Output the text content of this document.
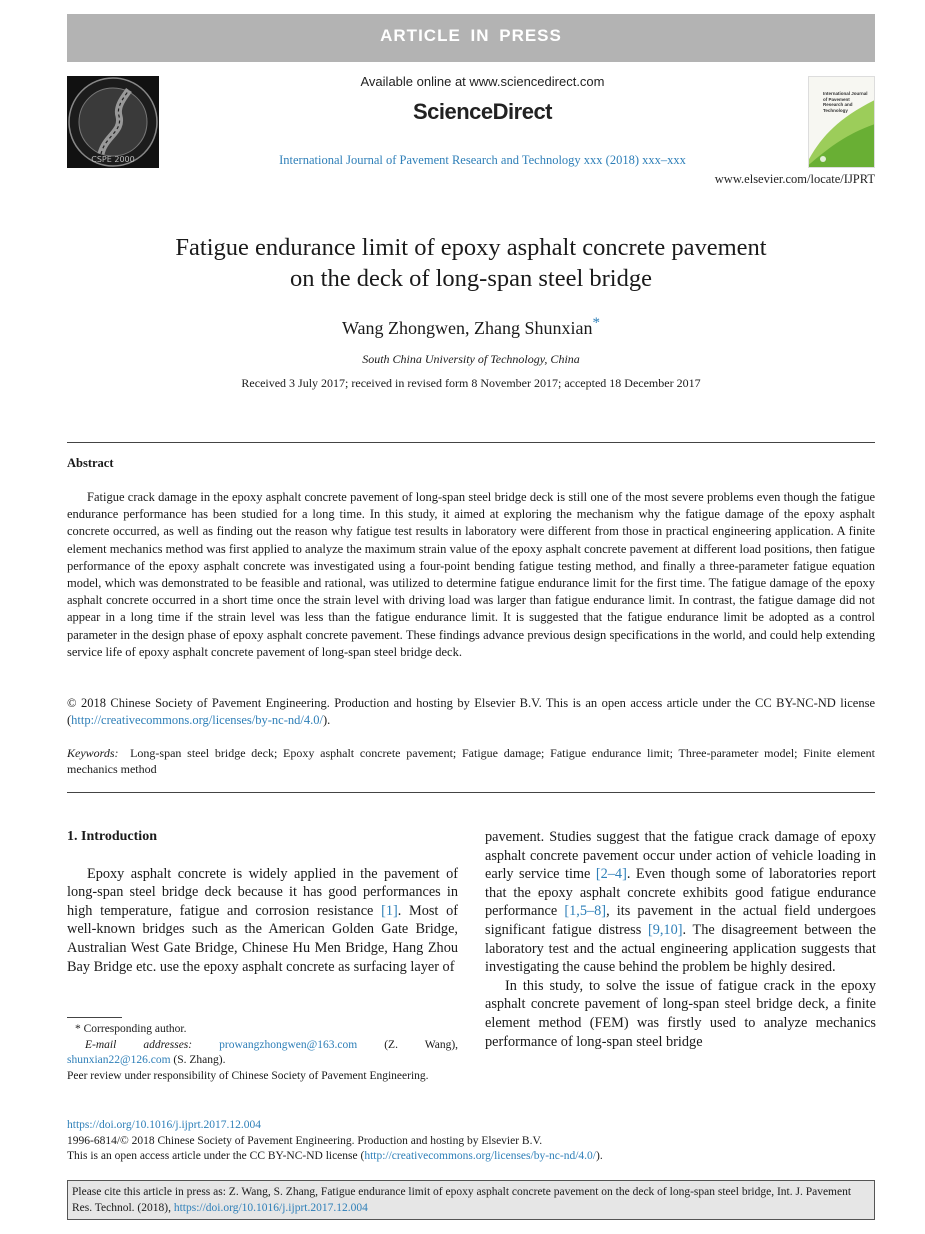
ARTICLE IN PRESS
CSPE 2000
Available online at www.sciencedirect.com
ScienceDirect
International Journal of Pavement Research and Technology xxx (2018) xxx–xxx
International Journal of Pavement Research and Technology
www.elsevier.com/locate/IJPRT
Fatigue endurance limit of epoxy asphalt concrete pavement
on the deck of long-span steel bridge
Wang Zhongwen, Zhang Shunxian*
South China University of Technology, China
Received 3 July 2017; received in revised form 8 November 2017; accepted 18 December 2017
Abstract
Fatigue crack damage in the epoxy asphalt concrete pavement of long-span steel bridge deck is still one of the most severe problems even though the fatigue endurance performance has been studied for a long time. In this study, it aimed at exploring the mechanism why the fatigue damage of the epoxy asphalt concrete occurred, as well as finding out the reason why fatigue test results in laboratory were different from those in practical engineering application. A finite element mechanics method was first applied to analyze the maximum strain value of the epoxy asphalt concrete pavement at different load positions, then fatigue performance of the epoxy asphalt concrete was investigated using a four-point bending fatigue testing method, and finally a three-parameter fatigue equation model, which was demonstrated to be feasible and rational, was utilized to determine fatigue endurance limit for the first time. The fatigue damage of the epoxy asphalt concrete occurred in a short time once the strain level with driving load was larger than fatigue endurance limit. In contrast, the fatigue damage did not appear in a long time if the strain level was less than the fatigue endurance limit. It is suggested that the fatigue endurance limit be adopted as a control parameter in the design phase of epoxy asphalt concrete pavement. These findings advance previous design specifications in the world, and could help extending service life of epoxy asphalt concrete pavement of long-span steel bridge deck.
© 2018 Chinese Society of Pavement Engineering. Production and hosting by Elsevier B.V. This is an open access article under the CC BY-NC-ND license (http://creativecommons.org/licenses/by-nc-nd/4.0/).
Keywords: Long-span steel bridge deck; Epoxy asphalt concrete pavement; Fatigue damage; Fatigue endurance limit; Three-parameter model; Finite element mechanics method
1. Introduction

Epoxy asphalt concrete is widely applied in the pavement of long-span steel bridge deck because it has good performances in high temperature, fatigue and corrosion resistance [1]. Most of well-known bridges such as the American Golden Gate Bridge, Australian West Gate Bridge, Chinese Hu Men Bridge, Hang Zhou Bay Bridge etc. use the epoxy asphalt concrete as surfacing layer of

pavement. Studies suggest that the fatigue crack damage of epoxy asphalt concrete pavement occur under action of vehicle loading in early service time [2–4]. Even though some of laboratories report that the epoxy asphalt concrete exhibits good fatigue endurance performance [1,5–8], its pavement in the actual field undergoes significant fatigue distress [9,10]. The disagreement between the laboratory test and the actual engineering application suggests that investigating the cause behind the problem be highly desired.

In this study, to solve the issue of fatigue crack in the epoxy asphalt concrete pavement of long-span steel bridge deck, a finite element method (FEM) was firstly used to analyze mechanics performance of long-span steel bridge

* Corresponding author.
E-mail addresses: prowangzhongwen@163.com (Z. Wang), shunxian22@126.com (S. Zhang).
Peer review under responsibility of Chinese Society of Pavement Engineering.
https://doi.org/10.1016/j.ijprt.2017.12.004
1996-6814/© 2018 Chinese Society of Pavement Engineering. Production and hosting by Elsevier B.V.
This is an open access article under the CC BY-NC-ND license (http://creativecommons.org/licenses/by-nc-nd/4.0/).
Please cite this article in press as: Z. Wang, S. Zhang, Fatigue endurance limit of epoxy asphalt concrete pavement on the deck of long-span steel bridge, Int. J. Pavement Res. Technol. (2018), https://doi.org/10.1016/j.ijprt.2017.12.004
